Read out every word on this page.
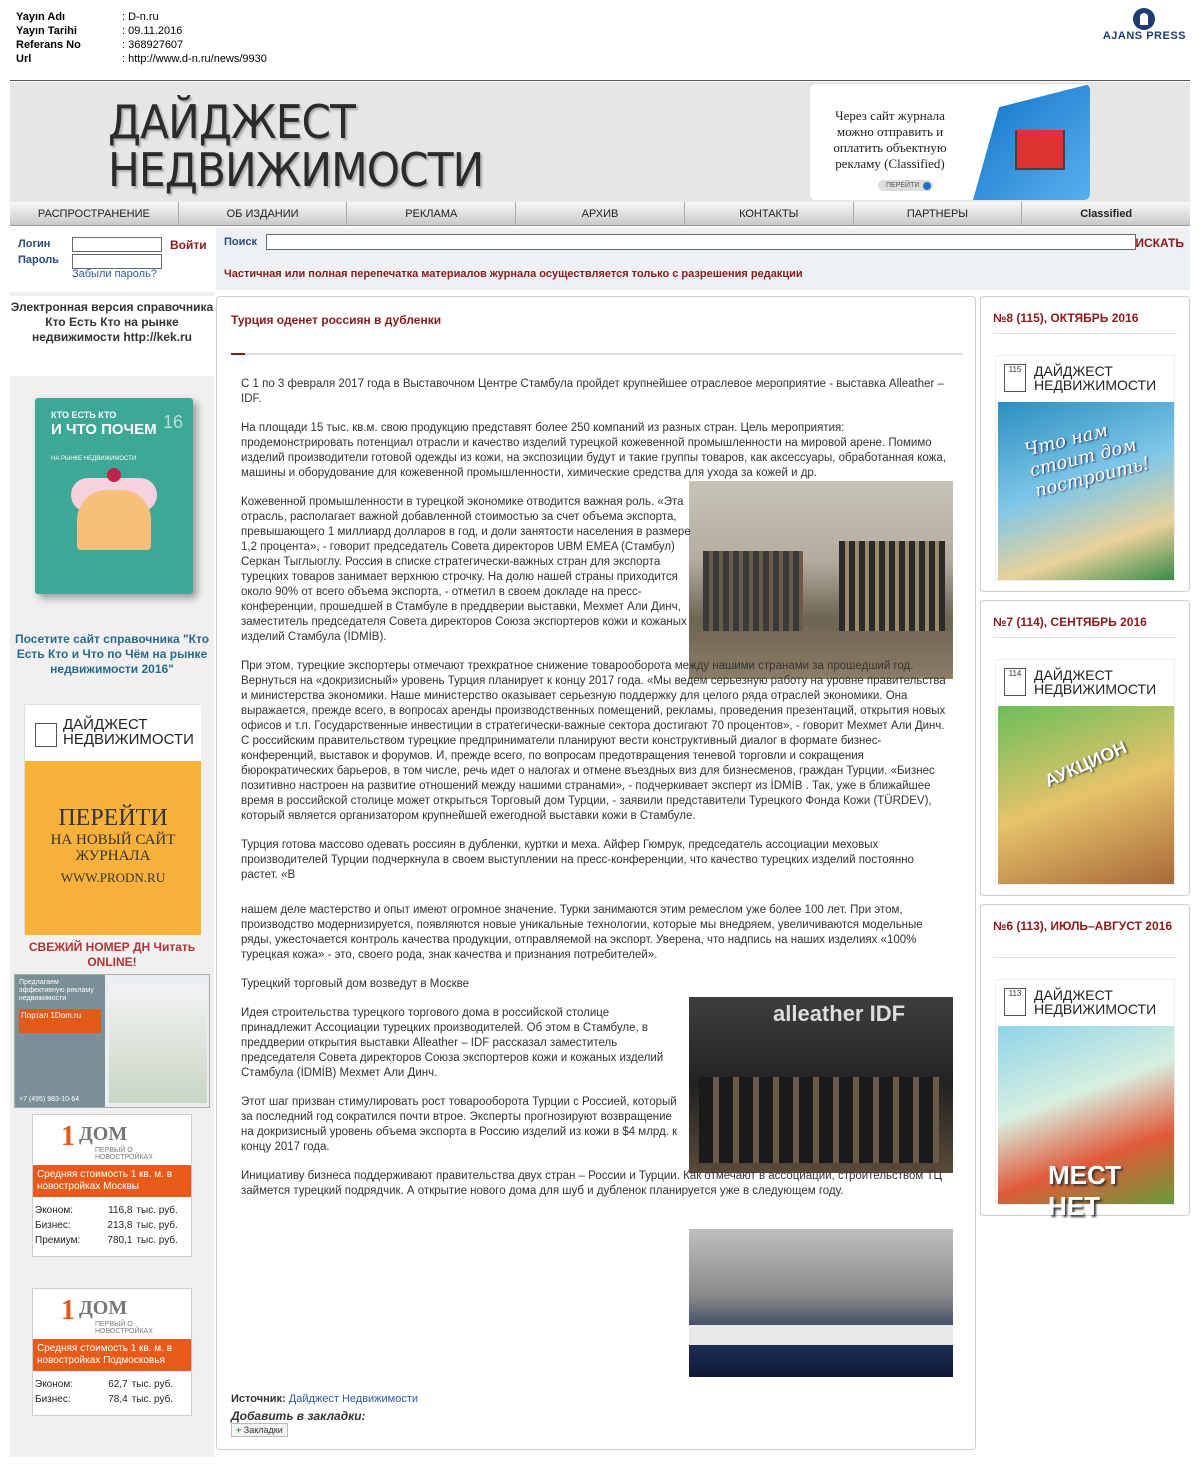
Yayın Adı	: D-n.ru
Yayın Tarihi	: 09.11.2016
Referans No	: 368927607
Url	: http://www.d-n.ru/news/9930
AJANS PRESS
ДАЙДЖЕСТ
НЕДВИЖИМОСТИ
Через сайт журнала можно отправить и оплатить объектную рекламу (Classified)
ПЕРЕЙТИ
РАСПРОСТРАНЕНИЕ	ОБ ИЗДАНИИ	РЕКЛАМА	АРХИВ	КОНТАКТЫ	ПАРТНЕРЫ	Classified
Логин
Пароль
Войти
Забыли пароль?
Поиск	ИСКАТЬ
Частичная или полная перепечатка материалов журнала осуществляется только с разрешения редакции
Электронная версия справочника Кто Есть Кто на рынке недвижимости http://kek.ru
КТО ЕСТЬ КТО
И ЧТО ПОЧЕМ
НА РЫНКЕ НЕДВИЖИМОСТИ
16
Посетите сайт справочника "Кто Есть Кто и Что по Чём на рынке недвижимости 2016"
ДАЙДЖЕСТ НЕДВИЖИМОСТИ
ПЕРЕЙТИ
НА НОВЫЙ САЙТ ЖУРНАЛА
WWW.PRODN.RU
СВЕЖИЙ НОМЕР ДН Читать ONLINE!
Предлагаем эффективную рекламу недвижимости
Портал 1Dom.ru
+7 (495) 983-10-64
1 ДОМ
ПЕРВЫЙ О НОВОСТРОЙКАХ
Средняя стоимость 1 кв. м. в новостройках Москвы
Эконом:	116,8	тыс. руб.
Бизнес:	213,8	тыс. руб.
Премиум:	780,1	тыс. руб.
1 ДОМ
ПЕРВЫЙ О НОВОСТРОЙКАХ
Средняя стоимость 1 кв. м. в новостройках Подмосковья
Эконом:	62,7	тыс. руб.
Бизнес:	78,4	тыс. руб.
Турция оденет россиян в дубленки
alleather IDF

С 1 по 3 февраля 2017 года в Выставочном Центре Стамбула пройдет крупнейшее отраслевое мероприятие - выставка Alleather – IDF.

На площади 15 тыс. кв.м. свою продукцию представят более 250 компаний из разных стран. Цель мероприятия: продемонстрировать потенциал отрасли и качество изделий турецкой кожевенной промышленности на мировой арене. Помимо изделий производители готовой одежды из кожи, на экспозиции будут и такие группы товаров, как аксессуары, обработанная кожа, машины и оборудование для кожевенной промышленности, химические средства для ухода за кожей и др.

Кожевенной промышленности в турецкой экономике отводится важная роль. «Эта отрасль, располагает важной добавленной стоимостью за счет объема экспорта, превышающего 1 миллиард долларов в год, и доли занятости населения в размере 1,2 процента», - говорит председатель Совета директоров UBM EMEA (Стамбул) Серкан Тыглыоглу. Россия в списке стратегически-важных стран для экспорта турецких товаров занимает верхнюю строчку. На долю нашей страны приходится около 90% от всего объема экспорта, - отметил в своем докладе на пресс-конференции, прошедшей в Стамбуле в преддверии выставки, Мехмет Али Динч, заместитель председателя Совета директоров Союза экспортеров кожи и кожаных изделий Стамбула (İDMİB).

При этом, турецкие экспортеры отмечают трехкратное снижение товарооборота между нашими странами за прошедший год. Вернуться на «докризисный» уровень Турция планирует к концу 2017 года. «Мы ведем серьезную работу на уровне правительства и министерства экономики. Наше министерство оказывает серьезную поддержку для целого ряда отраслей экономики. Она выражается, прежде всего, в вопросах аренды производственных помещений, рекламы, проведения презентаций, открытия новых офисов и т.п. Государственные инвестиции в стратегически-важные сектора достигают 70 процентов», - говорит Мехмет Али Динч. С российским правительством турецкие предприниматели планируют вести конструктивный диалог в формате бизнес-конференций, выставок и форумов. И, прежде всего, по вопросам предотвращения теневой торговли и сокращения бюрократических барьеров, в том числе, речь идет о налогах и отмене въездных виз для бизнесменов, граждан Турции. «Бизнес позитивно настроен на развитие отношений между нашими странами», - подчеркивает эксперт из İDMİB . Так, уже в ближайшее время в российской столице может открыться Торговый дом Турции, - заявили представители Турецкого Фонда Кожи (TÜRDEV), который является организатором крупнейшей ежегодной выставки кожи в Стамбуле.

Турция готова массово одевать россиян в дубленки, куртки и меха. Айфер Гюмрук, председатель ассоциации меховых производителей Турции подчеркнула в своем выступлении на пресс-конференции, что качество турецких изделий постоянно растет. «В

нашем деле мастерство и опыт имеют огромное значение. Турки занимаются этим ремеслом уже более 100 лет. При этом, производство модернизируется, появляются новые уникальные технологии, которые мы внедряем, увеличиваются модельные ряды, ужесточается контроль качества продукции, отправляемой на экспорт. Уверена, что надпись на наших изделиях «100% турецкая кожа» - это, своего рода, знак качества и признания потребителей».

Турецкий торговый дом возведут в Москве

Идея строительства турецкого торгового дома в российской столице принадлежит Ассоциации турецких производителей. Об этом в Стамбуле, в преддверии открытия выставки Alleather – IDF рассказал заместитель председателя Совета директоров Союза экспортеров кожи и кожаных изделий Стамбула (İDMİB) Мехмет Али Динч.

Этот шаг призван стимулировать рост товарооборота Турции с Россией, который за последний год сократился почти втрое. Эксперты прогнозируют возвращение на докризисный уровень объема экспорта в Россию изделий из кожи в $4 млрд. к концу 2017 года.

Инициативу бизнеса поддерживают правительства двух стран – России и Турции. Как отмечают в ассоциации, строительством ТЦ займется турецкий подрядчик. А открытие нового дома для шуб и дубленок планируется уже в следующем году.

Источник: Дайджест Недвижимости
Добавить в закладки:
+ Закладки
№8 (115), ОКТЯБРЬ 2016
115 ДАЙДЖЕСТ НЕДВИЖИМОСТИ
Что нам стоит дом построить!
№7 (114), СЕНТЯБРЬ 2016
114 ДАЙДЖЕСТ НЕДВИЖИМОСТИ
АУКЦИОН
№6 (113), ИЮЛЬ–АВГУСТ 2016
113 ДАЙДЖЕСТ НЕДВИЖИМОСТИ
МЕСТ НЕТ
